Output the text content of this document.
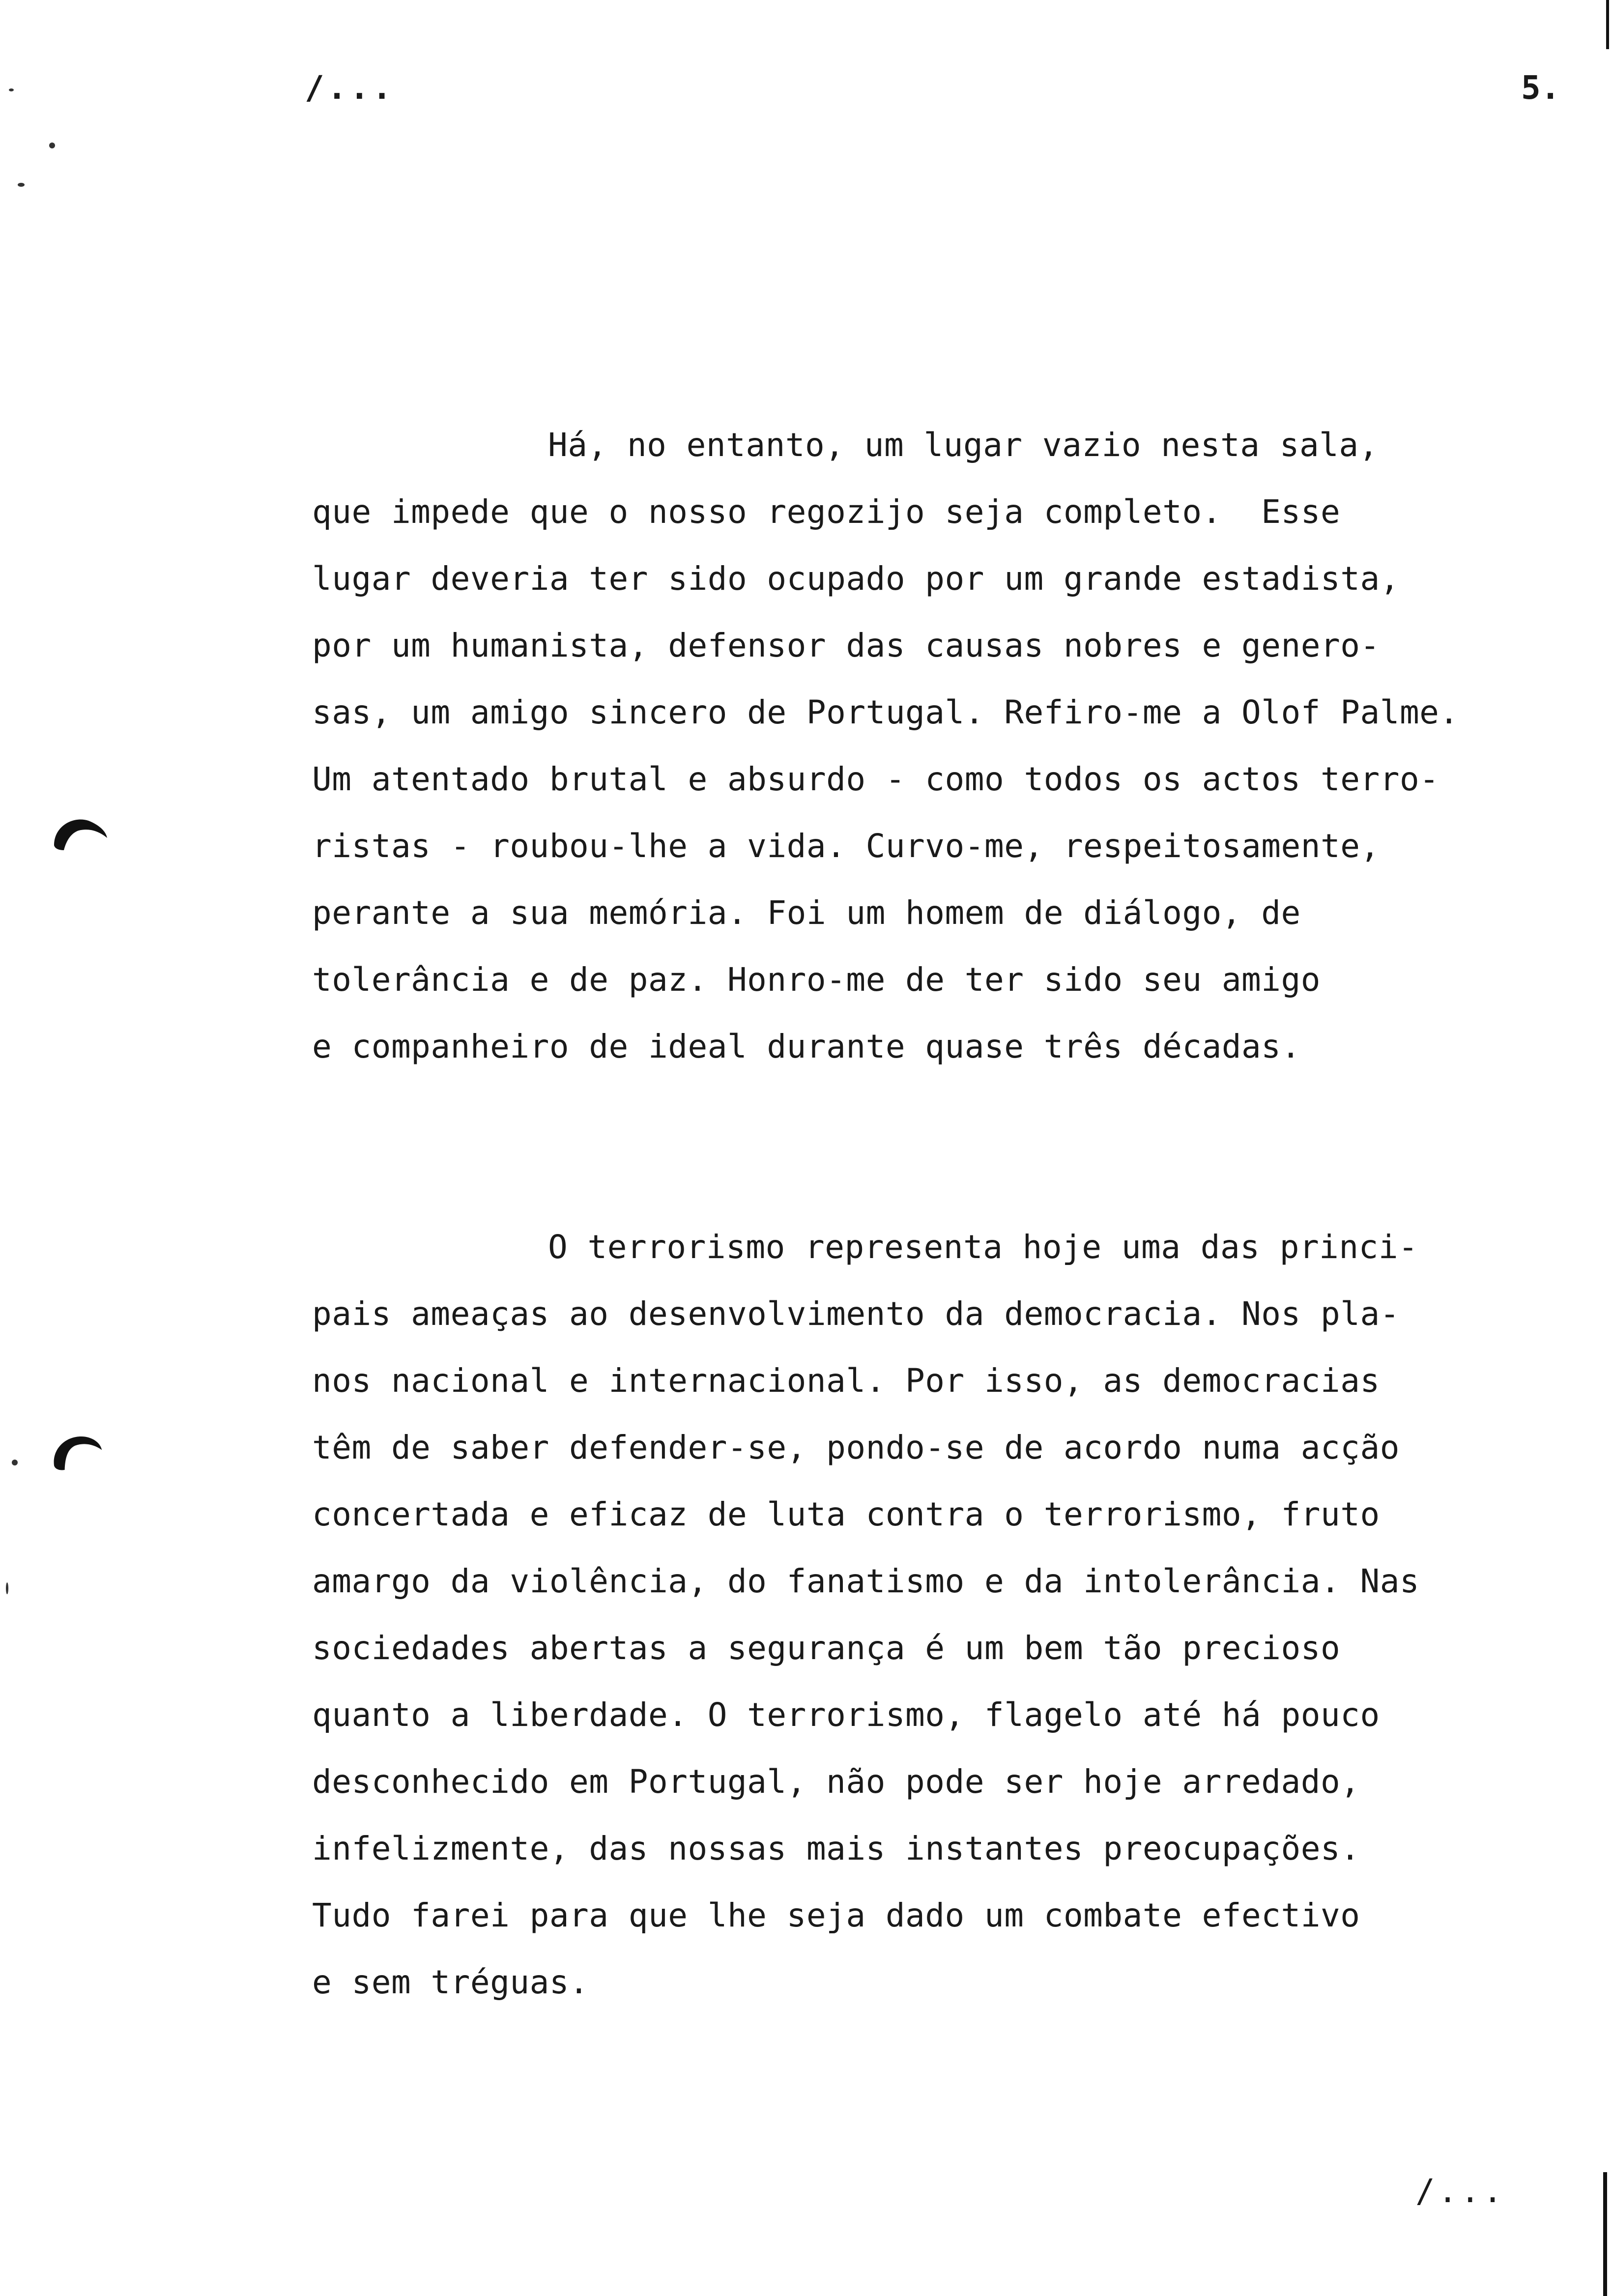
/...	5.
Há, no entanto, um lugar vazio nesta sala,
que impede que o nosso regozijo seja completo.  Esse
lugar deveria ter sido ocupado por um grande estadista,
por um humanista, defensor das causas nobres e genero-
sas, um amigo sincero de Portugal. Refiro-me a Olof Palme.
Um atentado brutal e absurdo - como todos os actos terro-
ristas - roubou-lhe a vida. Curvo-me, respeitosamente,
perante a sua memória. Foi um homem de diálogo, de
tolerância e de paz. Honro-me de ter sido seu amigo
e companheiro de ideal durante quase três décadas.
O terrorismo representa hoje uma das princi-
pais ameaças ao desenvolvimento da democracia. Nos pla-
nos nacional e internacional. Por isso, as democracias
têm de saber defender-se, pondo-se de acordo numa acção
concertada e eficaz de luta contra o terrorismo, fruto
amargo da violência, do fanatismo e da intolerância. Nas
sociedades abertas a segurança é um bem tão precioso
quanto a liberdade. O terrorismo, flagelo até há pouco
desconhecido em Portugal, não pode ser hoje arredado,
infelizmente, das nossas mais instantes preocupações.
Tudo farei para que lhe seja dado um combate efectivo
e sem tréguas.
/...
